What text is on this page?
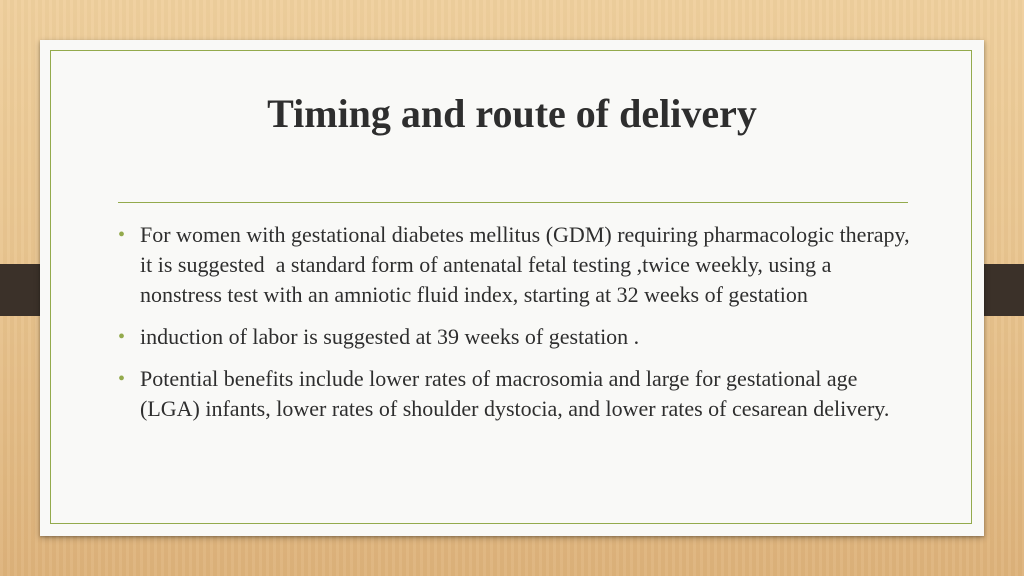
Timing and route of delivery
• For women with gestational diabetes mellitus (GDM) requiring pharmacologic therapy, it is suggested  a standard form of antenatal fetal testing ,twice weekly, using a nonstress test with an amniotic fluid index, starting at 32 weeks of gestation
• induction of labor is suggested at 39 weeks of gestation .
• Potential benefits include lower rates of macrosomia and large for gestational age (LGA) infants, lower rates of shoulder dystocia, and lower rates of cesarean delivery.
